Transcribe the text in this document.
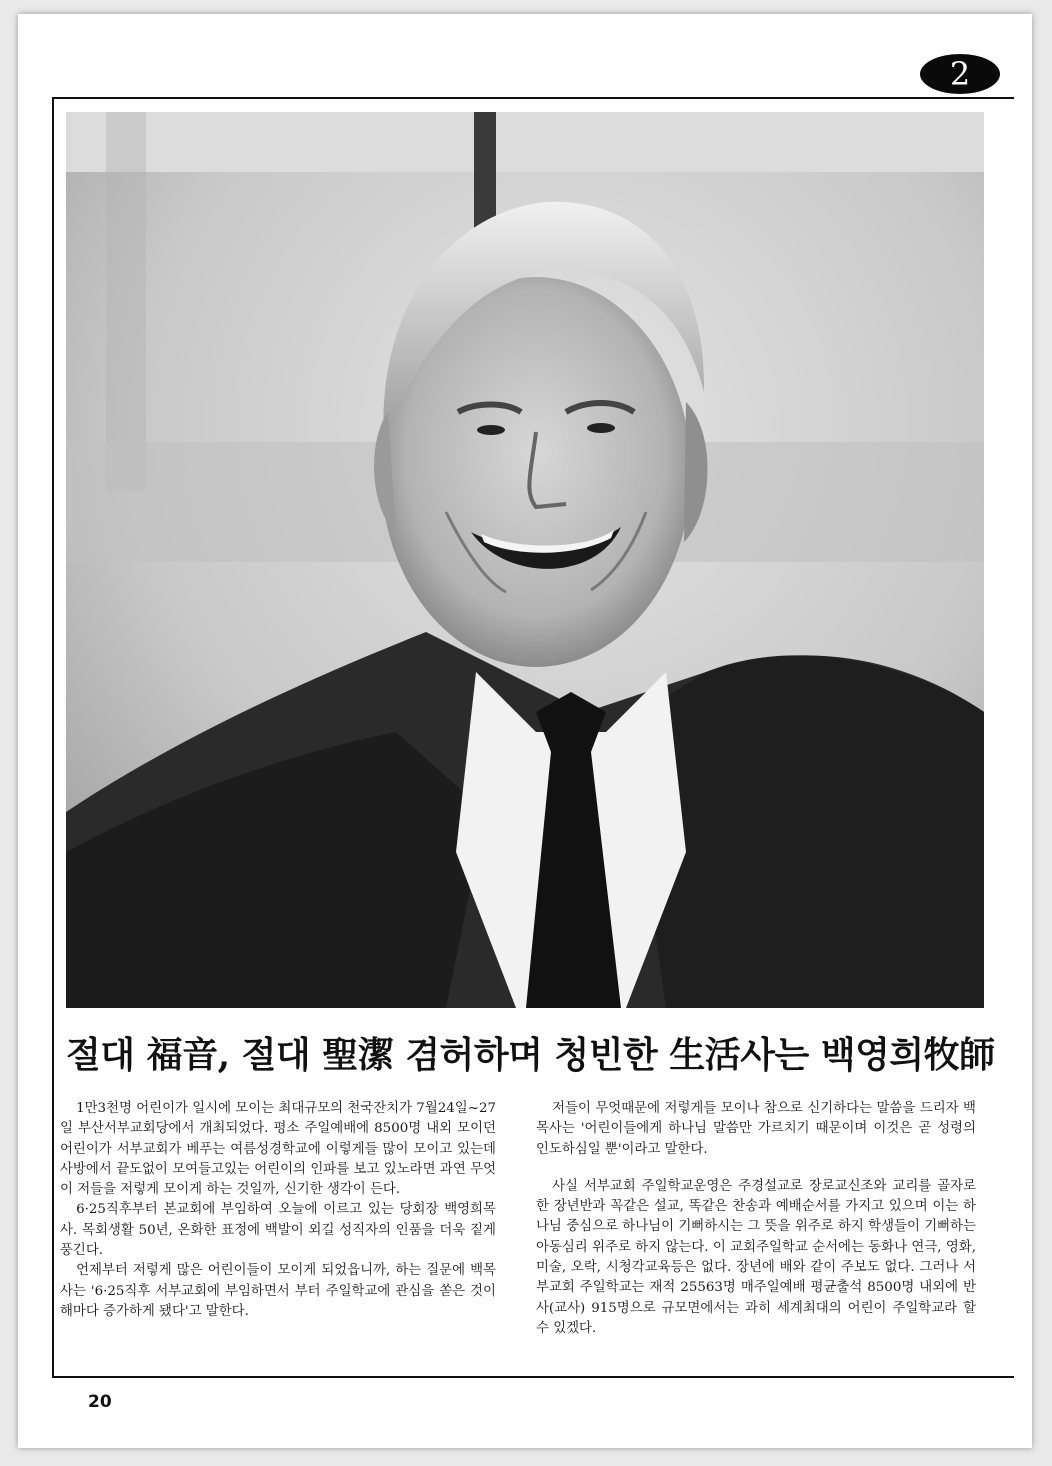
2
절대 福音, 절대 聖潔 겸허하며 청빈한 生活사는 백영희牧師

1만3천명 어린이가 일시에 모이는 최대규모의 천국잔치가 7월24일~27일 부산서부교회당에서 개최되었다. 평소 주일예배에 8500명 내외 모이던 어린이가 서부교회가 베푸는 여름성경학교에 이렇게들 많이 모이고 있는데 사방에서 끝도없이 모여들고있는 어린이의 인파를 보고 있노라면 과연 무엇이 저들을 저렇게 모이게 하는 것일까, 신기한 생각이 든다.

6·25직후부터 본교회에 부임하여 오늘에 이르고 있는 당회장 백영희목사. 목회생활 50년, 온화한 표정에 백발이 외길 성직자의 인품을 더욱 짙게 풍긴다.

언제부터 저렇게 많은 어린이들이 모이게 되었읍니까, 하는 질문에 백목사는 '6·25직후 서부교회에 부임하면서 부터 주일학교에 관심을 쏟은 것이 해마다 증가하게 됐다'고 말한다.

저들이 무엇때문에 저렇게들 모이나 참으로 신기하다는 말씀을 드리자 백목사는 '어린이들에게 하나님 말씀만 가르치기 때문이며 이것은 곧 성령의 인도하심일 뿐'이라고 말한다.

사실 서부교회 주일학교운영은 주경설교로 장로교신조와 교리를 골자로한 장년반과 꼭같은 설교, 똑같은 찬송과 예배순서를 가지고 있으며 이는 하나님 중심으로 하나님이 기뻐하시는 그 뜻을 위주로 하지 학생들이 기뻐하는 아동심리 위주로 하지 않는다. 이 교회주일학교 순서에는 동화나 연극, 영화, 미술, 오락, 시청각교육등은 없다. 장년에 배와 같이 주보도 없다. 그러나 서부교회 주일학교는 재적 25563명 매주일예배 평균출석 8500명 내외에 반사(교사) 915명으로 규모면에서는 과히 세계최대의 어린이 주일학교라 할 수 있겠다.

20
